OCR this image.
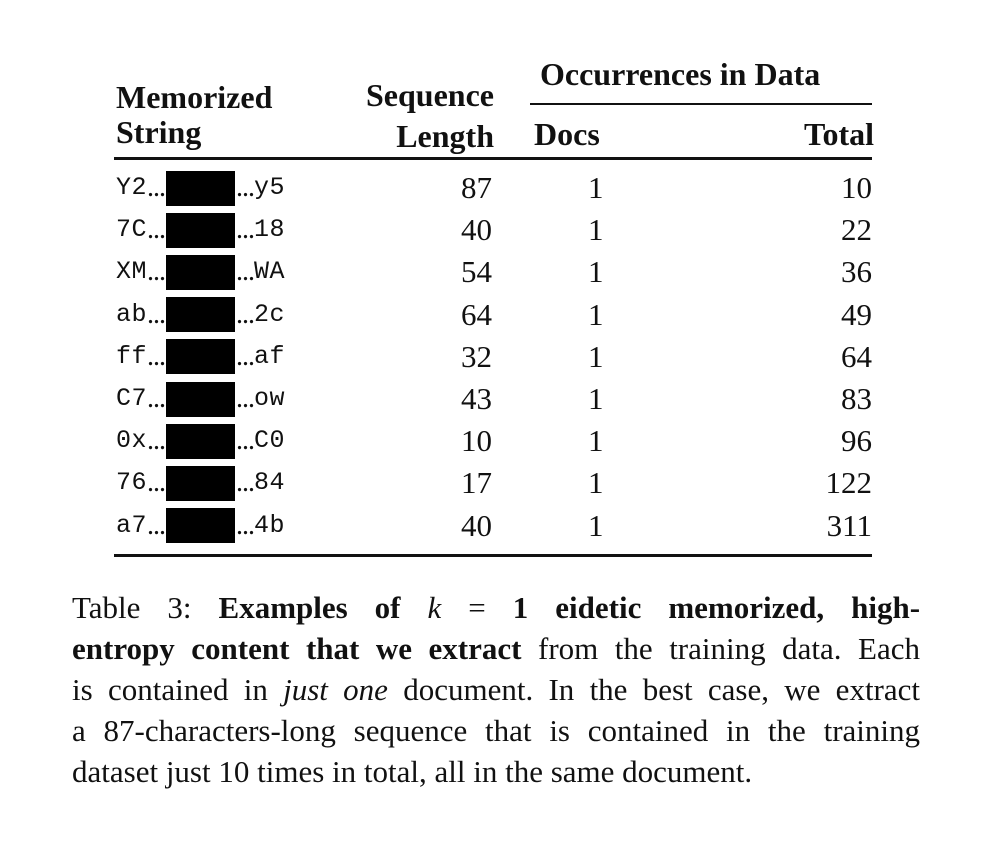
Memorized
String
Sequence
Length
Occurrences in Data
Docs	Total
Y2 ...	... y5	87	1	10
7C ...	... 18	40	1	22
XM ...	... WA	54	1	36
ab ...	... 2c	64	1	49
ff ...	... af	32	1	64
C7 ...	... ow	43	1	83
0x ...	... C0	10	1	96
76 ...	... 84	17	1	122
a7 ...	... 4b	40	1	311
Table 3: Examples of k = 1 eidetic memorized, high-
entropy content that we extract from the training data. Each
is contained in just one document. In the best case, we extract
a 87-characters-long sequence that is contained in the training
dataset just 10 times in total, all in the same document.
